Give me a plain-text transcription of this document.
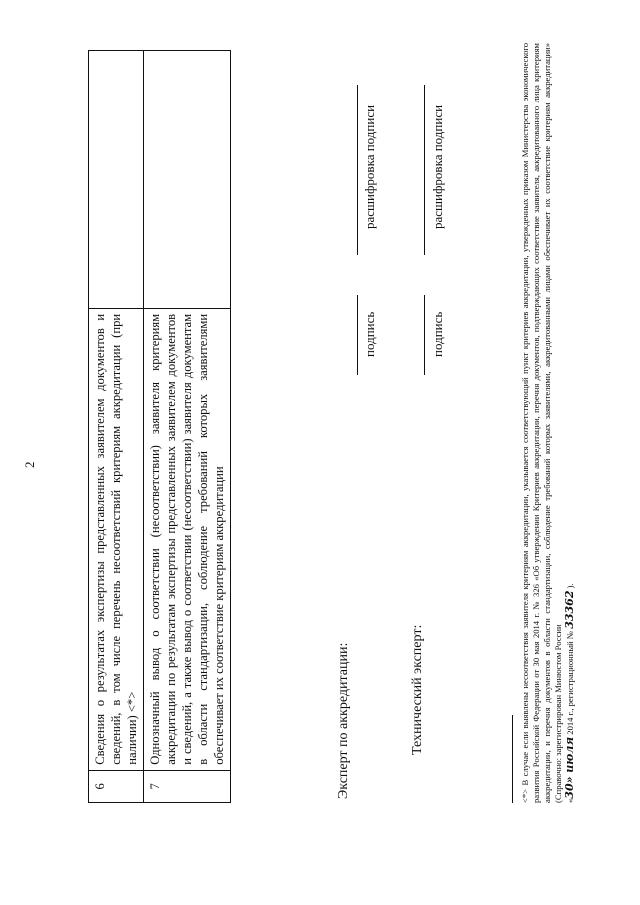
2
6	Сведения о результатах экспертизы представленных заявителем документов и сведений, в том числе перечень несоответствий критериям аккредитации (при наличии) <*>	
7	Однозначный вывод о соответствии (несоответствии) заявителя критериям аккредитации по результатам экспертизы представленных заявителем документов и сведений, а также вывод о соответствии (несоответствии) заявителя документам в области стандартизации, соблюдение требований которых заявителями обеспечивает их соответствие критериям аккредитации		Эксперт по аккредитации:
подпись
расшифровка подписи
Технический эксперт:
подпись
расшифровка подписи	<*> В случае если выявлены несоответствия заявителя критериям аккредитации, указывается соответствующий пункт критериев аккредитации, утвержденных приказом Министерства экономического развития Российской Федерации от 30 мая 2014 г. № 326 «Об утверждении Критериев аккредитации, перечня документов, подтверждающих соответствие заявителя, аккредитованного лица критериям аккредитации, и перечня документов в области стандартизации, соблюдение требований которых заявителями, аккредитованными лицами обеспечивает их соответствие критериям аккредитации» (Справочно: зарегистрирован Минюстом России «30» июля 2014 г., регистрационный № 33362 ).
